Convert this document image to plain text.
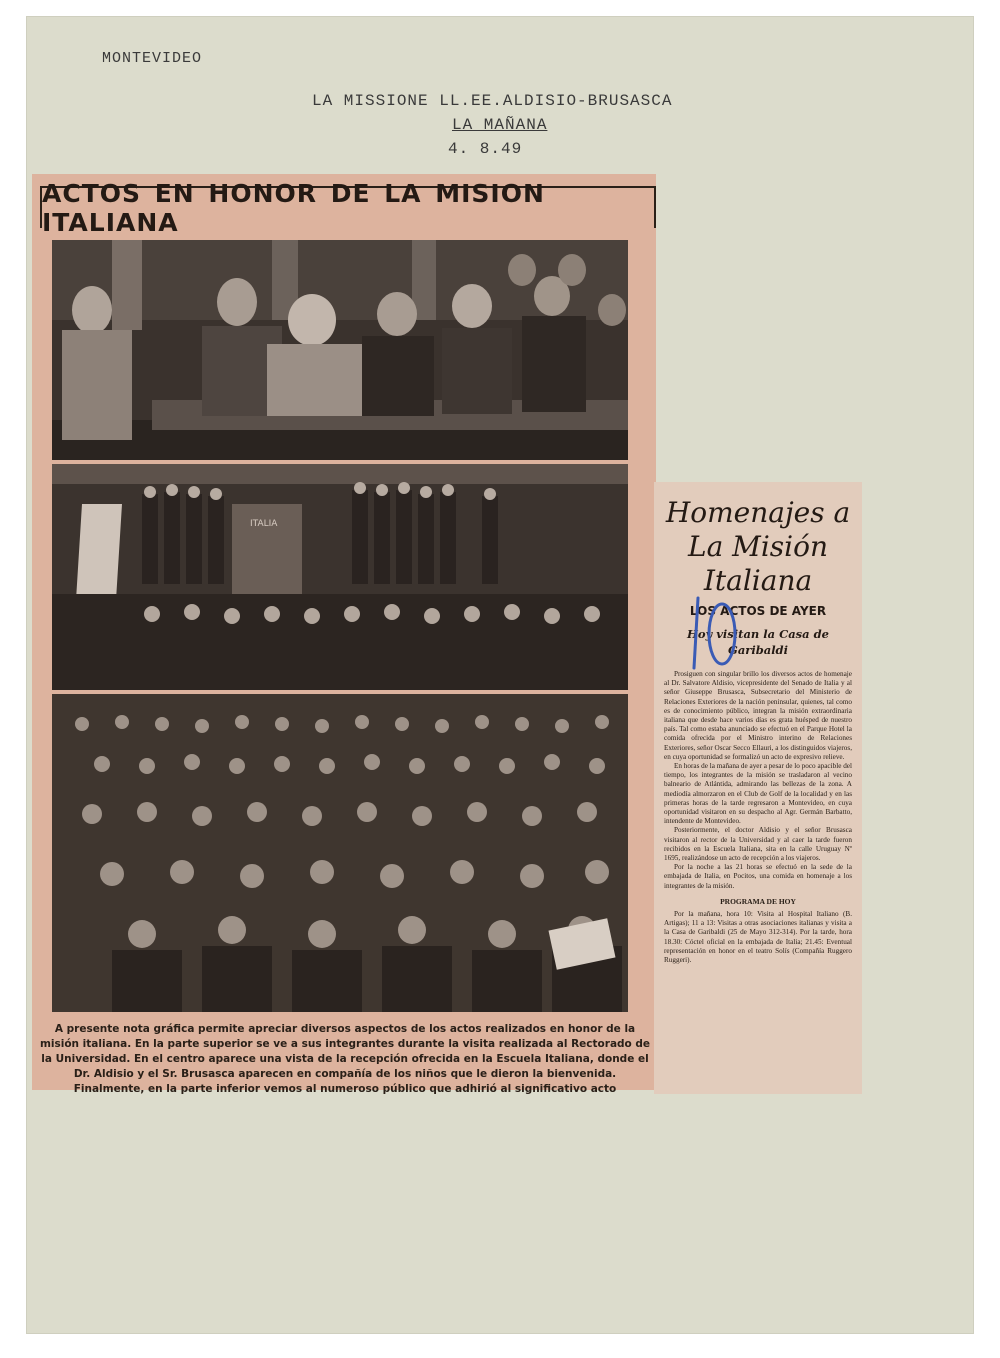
MONTEVIDEO
LA MISSIONE LL.EE.ALDISIO-BRUSASCA
LA MAÑANA
4. 8.49
ACTOS EN HONOR DE LA MISION ITALIANA
ITALIA
A presente nota gráfica permite apreciar diversos aspectos de los actos realizados en honor de la misión italiana. En la parte superior se ve a sus integrantes durante la visita realizada al Rectorado de la Universidad. En el centro aparece una vista de la recepción ofrecida en la Escuela Italiana, donde el Dr. Aldisio y el Sr. Brusasca aparecen en compañía de los niños que le dieron la bienvenida. Finalmente, en la parte inferior vemos al numeroso público que adhirió al significativo acto
Homenajes a
La Misión
Italiana
LOS ACTOS DE AYER
Hoy visitan la Casa de Garibaldi

Prosiguen con singular brillo los diversos actos de homenaje al Dr. Salvatore Aldisio, vicepresidente del Senado de Italia y al señor Giuseppe Brusasca, Subsecretario del Ministerio de Relaciones Exteriores de la nación peninsular, quienes, tal como es de conocimiento público, integran la misión extraordinaria italiana que desde hace varios días es grata huésped de nuestro país. Tal como estaba anunciado se efectuó en el Parque Hotel la comida ofrecida por el Ministro interino de Relaciones Exteriores, señor Oscar Secco Ellauri, a los distinguidos viajeros, en cuya oportunidad se formalizó un acto de expresivo relieve.

En horas de la mañana de ayer a pesar de lo poco apacible del tiempo, los integrantes de la misión se trasladaron al vecino balneario de Atlántida, admirando las bellezas de la zona. A mediodía almorzaron en el Club de Golf de la localidad y en las primeras horas de la tarde regresaron a Montevideo, en cuya oportunidad visitaron en su despacho al Agr. Germán Barbatto, intendente de Montevideo.

Posteriormente, el doctor Aldisio y el señor Brusasca visitaron al rector de la Universidad y al caer la tarde fueron recibidos en la Escuela Italiana, sita en la calle Uruguay Nº 1695, realizándose un acto de recepción a los viajeros.

Por la noche a las 21 horas se efectuó en la sede de la embajada de Italia, en Pocitos, una comida en homenaje a los integrantes de la misión.

PROGRAMA DE HOY

Por la mañana, hora 10: Visita al Hospital Italiano (B. Artigas); 11 a 13: Visitas a otras asociaciones italianas y visita a la Casa de Garibaldi (25 de Mayo 312-314). Por la tarde, hora 18.30: Cóctel oficial en la embajada de Italia; 21.45: Eventual representación en honor en el teatro Solís (Compañía Ruggero Ruggeri).
